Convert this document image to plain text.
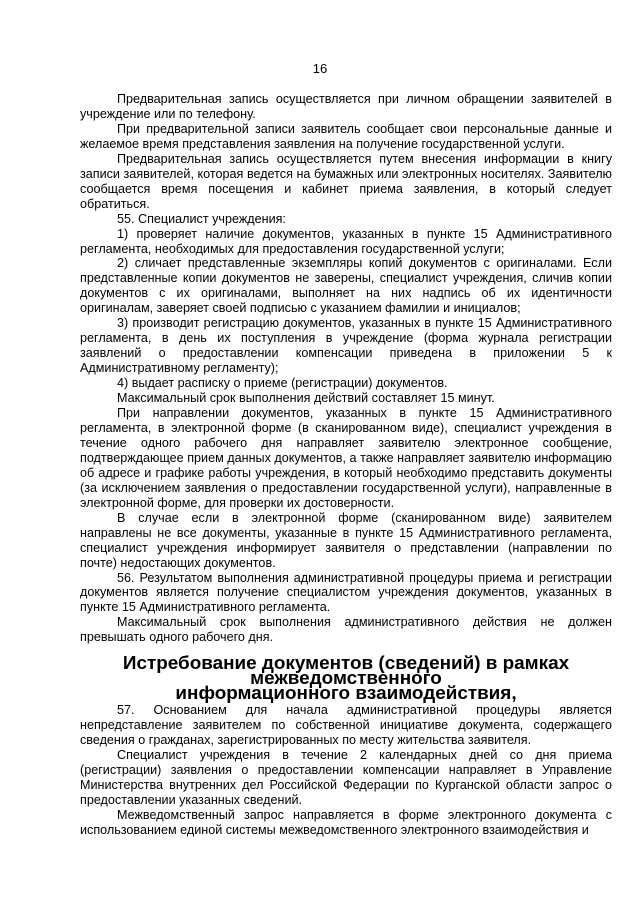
16

Предварительная запись осуществляется при личном обращении заявителей в учреждение или по телефону.

При предварительной записи заявитель сообщает свои персональные данные и желаемое время представления заявления на получение государственной услуги.

Предварительная запись осуществляется путем внесения информации в книгу записи заявителей, которая ведется на бумажных или электронных носителях. Заявителю сообщается время посещения и кабинет приема заявления, в который следует обратиться.

55. Специалист учреждения:

1) проверяет наличие документов, указанных в пункте 15 Административного регламента, необходимых для предоставления государственной услуги;

2) сличает представленные экземпляры копий документов с оригиналами. Если представленные копии документов не заверены, специалист учреждения, сличив копии документов с их оригиналами, выполняет на них надпись об их идентичности оригиналам, заверяет своей подписью с указанием фамилии и инициалов;

3) производит регистрацию документов, указанных в пункте 15 Административного регламента, в день их поступления в учреждение (форма журнала регистрации заявлений о предоставлении компенсации приведена в приложении 5 к Административному регламенту);

4) выдает расписку о приеме (регистрации) документов.

Максимальный срок выполнения действий составляет 15 минут.

При направлении документов, указанных в пункте 15 Административного регламента, в электронной форме (в сканированном виде), специалист учреждения в течение одного рабочего дня направляет заявителю электронное сообщение, подтверждающее прием данных документов, а также направляет заявителю информацию об адресе и графике работы учреждения, в который необходимо представить документы (за исключением заявления о предоставлении государственной услуги), направленные в электронной форме, для проверки их достоверности.

В случае если в электронной форме (сканированном виде) заявителем направлены не все документы, указанные в пункте 15 Административного регламента, специалист учреждения информирует заявителя о представлении (направлении по почте) недостающих документов.

56. Результатом выполнения административной процедуры приема и регистрации документов является получение специалистом учреждения документов, указанных в пункте 15 Административного регламента.

Максимальный срок выполнения административного действия не должен превышать одного рабочего дня.

Истребование документов (сведений) в рамках межведомственного
информационного взаимодействия,

57. Основанием для начала административной процедуры является непредставление заявителем по собственной инициативе документа, содержащего сведения о гражданах, зарегистрированных по месту жительства заявителя.

Специалист учреждения в течение 2 календарных дней со дня приема (регистрации) заявления о предоставлении компенсации направляет в Управление Министерства внутренних дел Российской Федерации по Курганской области запрос о предоставлении указанных сведений.

Межведомственный запрос направляется в форме электронного документа с использованием единой системы межведомственного электронного взаимодействия и
